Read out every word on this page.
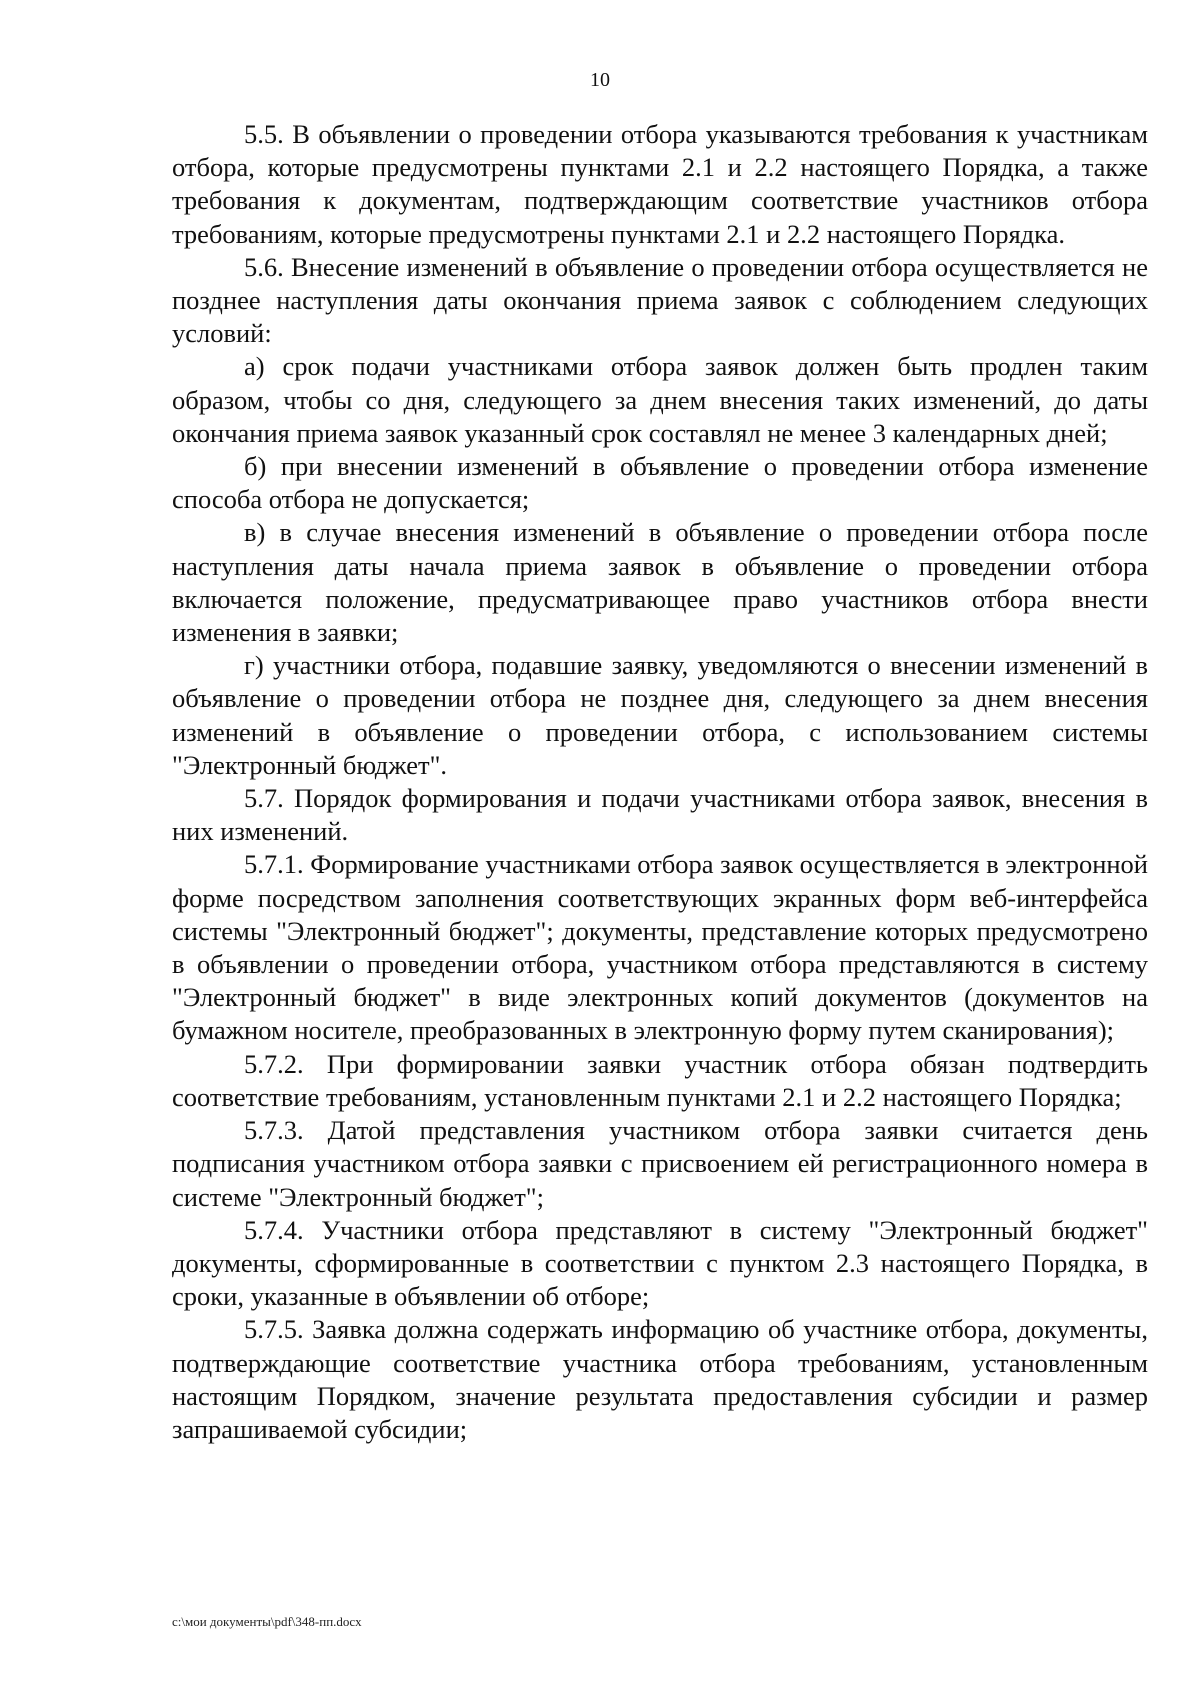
10

5.5. В объявлении о проведении отбора указываются требования к участникам отбора, которые предусмотрены пунктами 2.1 и 2.2 настоящего Порядка, а также требования к документам, подтверждающим соответствие участников отбора требованиям, которые предусмотрены пунктами 2.1 и 2.2 настоящего Порядка.

5.6. Внесение изменений в объявление о проведении отбора осуществляется не позднее наступления даты окончания приема заявок с соблюдением следующих условий:

а) срок подачи участниками отбора заявок должен быть продлен таким образом, чтобы со дня, следующего за днем внесения таких изменений, до даты окончания приема заявок указанный срок составлял не менее 3 календарных дней;

б) при внесении изменений в объявление о проведении отбора изменение способа отбора не допускается;

в) в случае внесения изменений в объявление о проведении отбора после наступления даты начала приема заявок в объявление о проведении отбора включается положение, предусматривающее право участников отбора внести изменения в заявки;

г) участники отбора, подавшие заявку, уведомляются о внесении изменений в объявление о проведении отбора не позднее дня, следующего за днем внесения изменений в объявление о проведении отбора, с использованием системы "Электронный бюджет".

5.7. Порядок формирования и подачи участниками отбора заявок, внесения в них изменений.

5.7.1. Формирование участниками отбора заявок осуществляется в электронной форме посредством заполнения соответствующих экранных форм веб-интерфейса системы "Электронный бюджет"; документы, представление которых предусмотрено в объявлении о проведении отбора, участником отбора представляются в систему "Электронный бюджет" в виде электронных копий документов (документов на бумажном носителе, преобразованных в электронную форму путем сканирования);

5.7.2. При формировании заявки участник отбора обязан подтвердить соответствие требованиям, установленным пунктами 2.1 и 2.2 настоящего Порядка;

5.7.3. Датой представления участником отбора заявки считается день подписания участником отбора заявки с присвоением ей регистрационного номера в системе "Электронный бюджет";

5.7.4. Участники отбора представляют в систему "Электронный бюджет" документы, сформированные в соответствии с пунктом 2.3 настоящего Порядка, в сроки, указанные в объявлении об отборе;

5.7.5. Заявка должна содержать информацию об участнике отбора, документы, подтверждающие соответствие участника отбора требованиям, установленным настоящим Порядком, значение результата предоставления субсидии и размер запрашиваемой субсидии;

c:\мои документы\pdf\348-пп.docx
